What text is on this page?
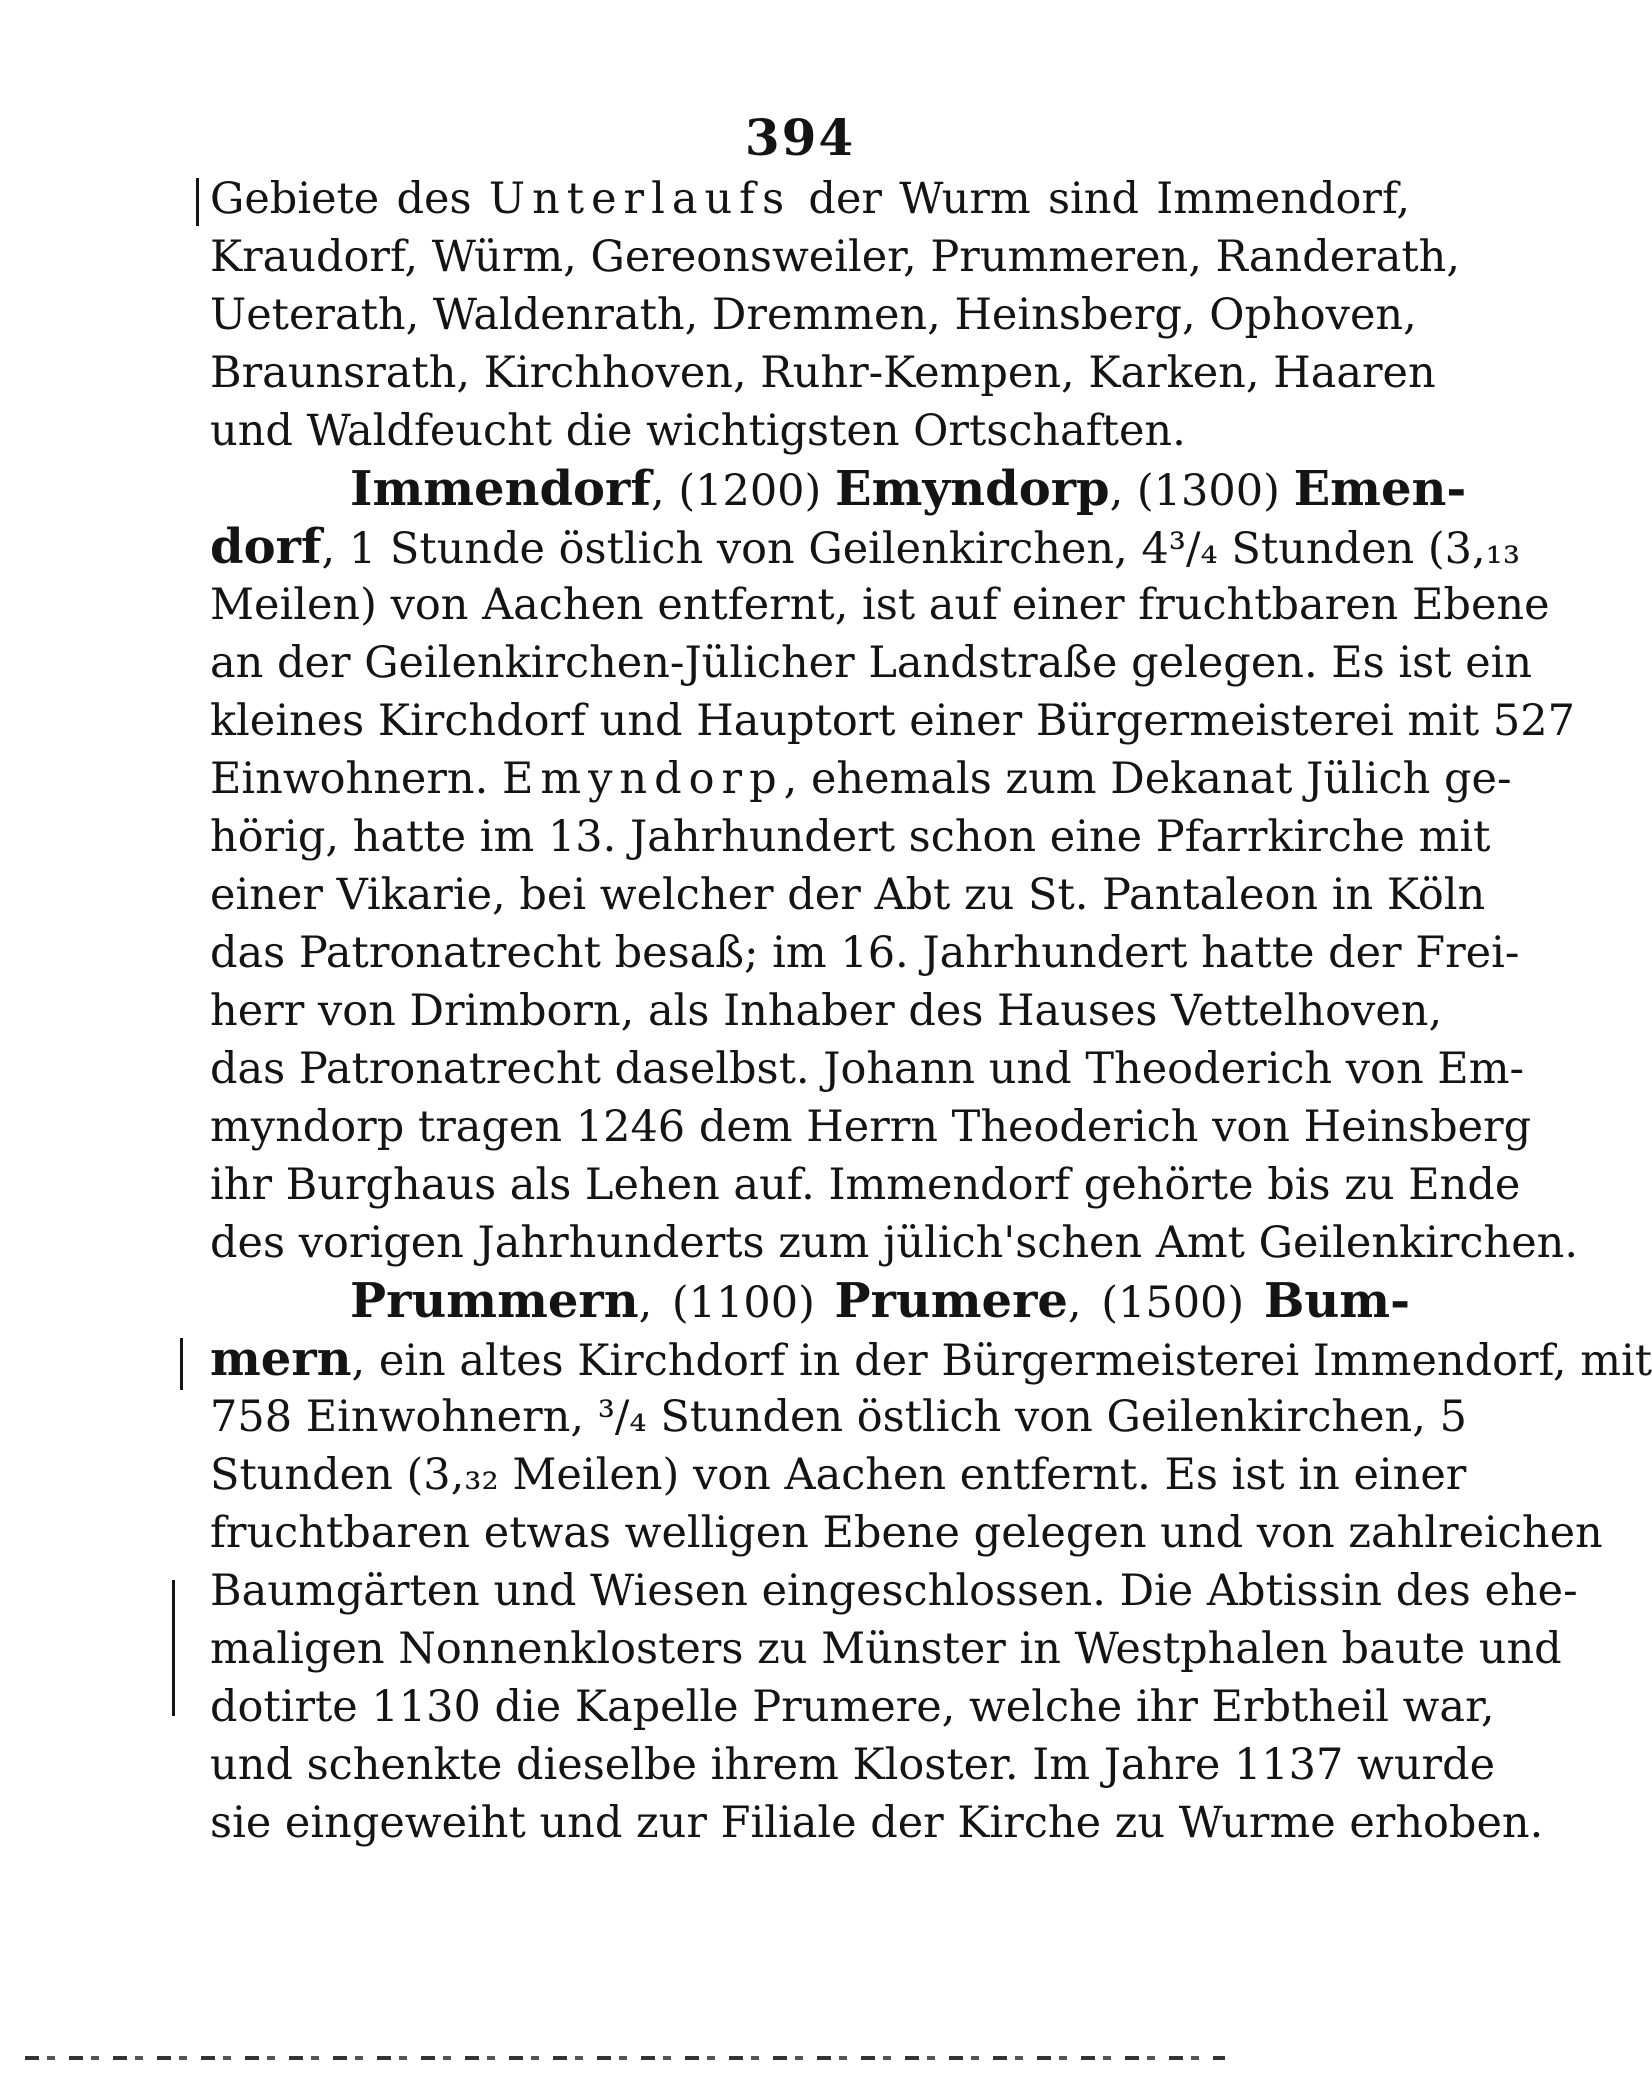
394
Gebiete des Unterlaufs der Wurm sind Immendorf,
Kraudorf, Würm, Gereonsweiler, Prummeren, Randerath,
Ueterath, Waldenrath, Dremmen, Heinsberg, Ophoven,
Braunsrath, Kirchhoven, Ruhr-Kempen, Karken, Haaren
und Waldfeucht die wichtigsten Ortschaften.
Immendorf, (1200) Emyndorp, (1300) Emen-
dorf, 1 Stunde östlich von Geilenkirchen, 4³/₄ Stunden (3,₁₃
Meilen) von Aachen entfernt, ist auf einer fruchtbaren Ebene
an der Geilenkirchen-Jülicher Landstraße gelegen. Es ist ein
kleines Kirchdorf und Hauptort einer Bürgermeisterei mit 527
Einwohnern. Emyndorp, ehemals zum Dekanat Jülich ge-
hörig, hatte im 13. Jahrhundert schon eine Pfarrkirche mit
einer Vikarie, bei welcher der Abt zu St. Pantaleon in Köln
das Patronatrecht besaß; im 16. Jahrhundert hatte der Frei-
herr von Drimborn, als Inhaber des Hauses Vettelhoven,
das Patronatrecht daselbst. Johann und Theoderich von Em-
myndorp tragen 1246 dem Herrn Theoderich von Heinsberg
ihr Burghaus als Lehen auf. Immendorf gehörte bis zu Ende
des vorigen Jahrhunderts zum jülich'schen Amt Geilenkirchen.
Prummern, (1100) Prumere, (1500) Bum-
mern, ein altes Kirchdorf in der Bürgermeisterei Immendorf, mit
758 Einwohnern, ³/₄ Stunden östlich von Geilenkirchen, 5
Stunden (3,₃₂ Meilen) von Aachen entfernt. Es ist in einer
fruchtbaren etwas welligen Ebene gelegen und von zahlreichen
Baumgärten und Wiesen eingeschlossen. Die Abtissin des ehe-
maligen Nonnenklosters zu Münster in Westphalen baute und
dotirte 1130 die Kapelle Prumere, welche ihr Erbtheil war,
und schenkte dieselbe ihrem Kloster. Im Jahre 1137 wurde
sie eingeweiht und zur Filiale der Kirche zu Wurme erhoben.
